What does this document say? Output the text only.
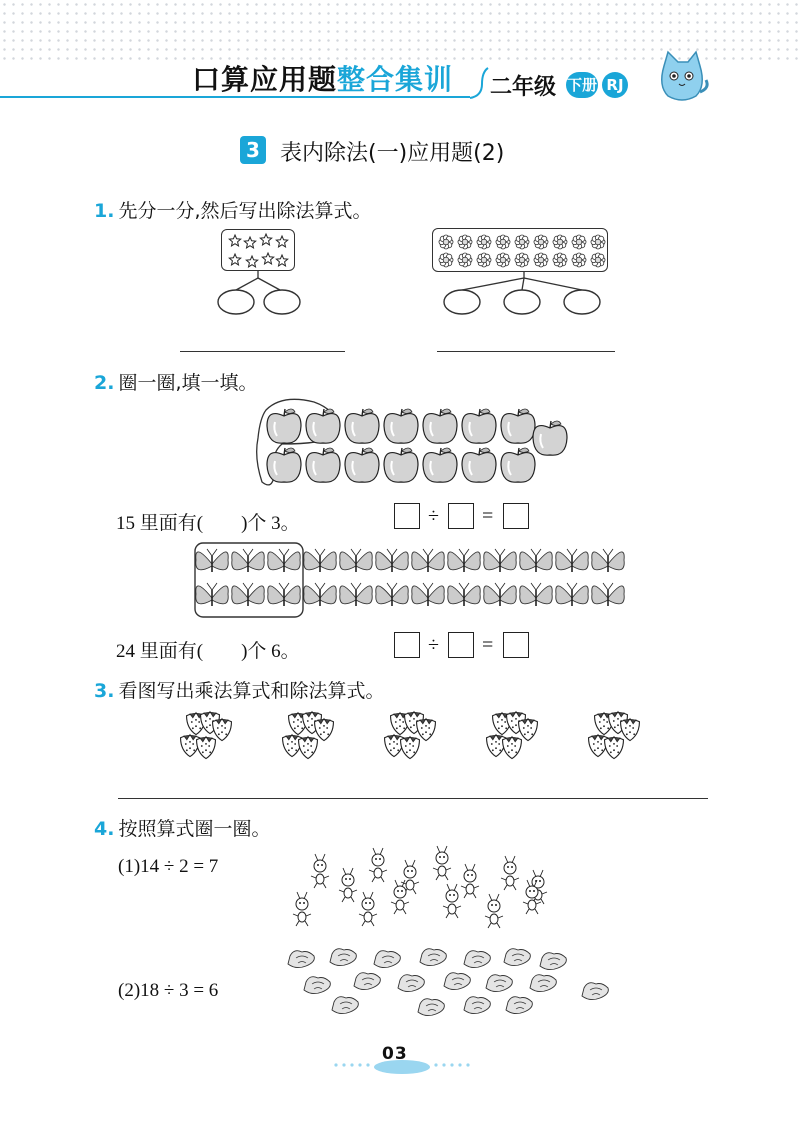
口算应用题整合集训 二年级 下册 RJ
3 表内除法(一)应用题(2)
1. 先分一分,然后写出除法算式。
2. 圈一圈,填一填。
15 里面有(　　)个 3。	÷ =
24 里面有(　　)个 6。	÷ =
3. 看图写出乘法算式和除法算式。
4. 按照算式圈一圈。
(1)14 ÷ 2 = 7
(2)18 ÷ 3 = 6
03
